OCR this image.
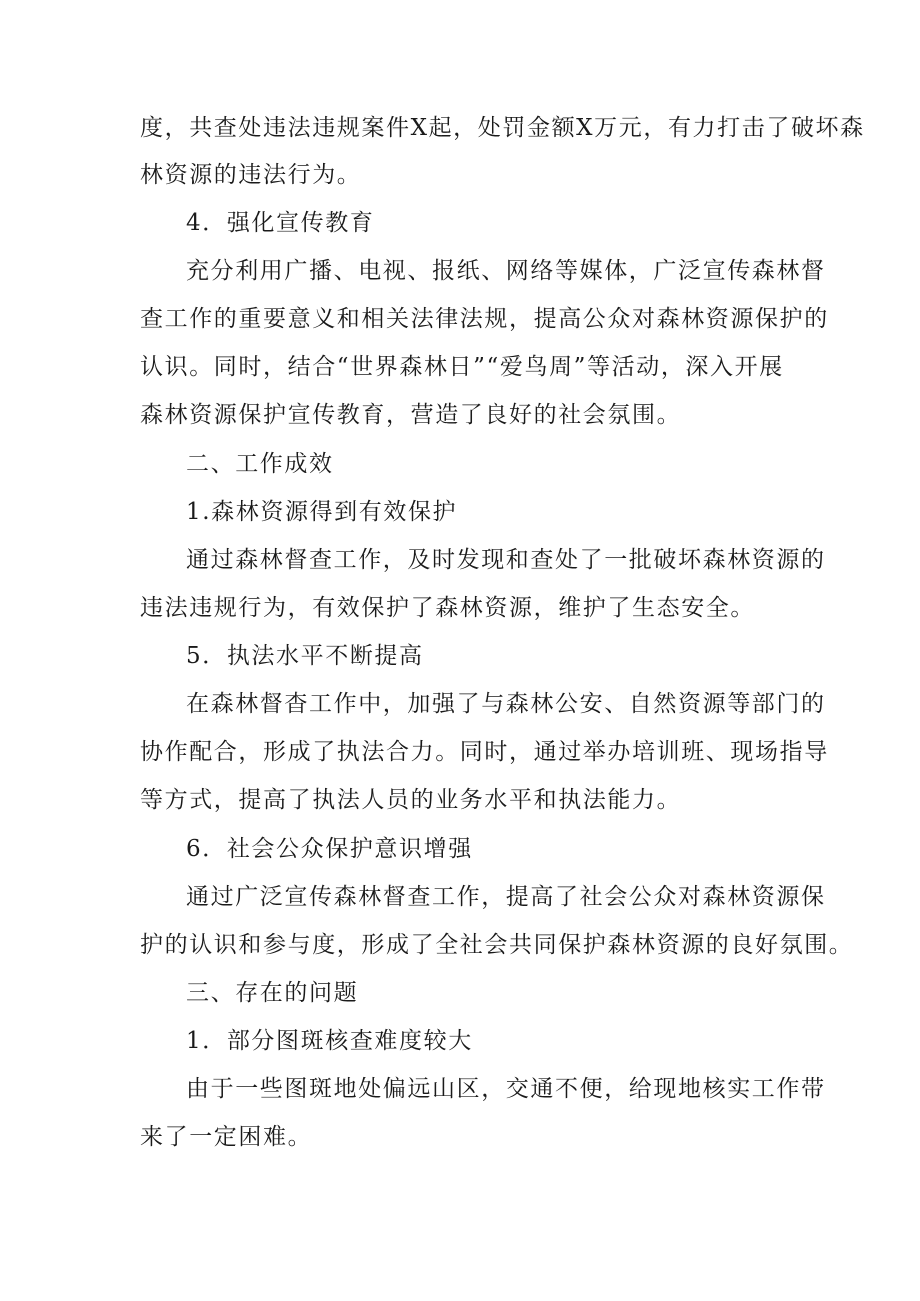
度，共查处违法违规案件X起，处罚金额X万元，有力打击了破坏森

林资源的违法行为。

4．强化宣传教育

充分利用广播、电视、报纸、网络等媒体，广泛宣传森林督

查工作的重要意义和相关法律法规，提高公众对森林资源保护的

认识。同时，结合“世界森林日”“爱鸟周”等活动，深入开展

森林资源保护宣传教育，营造了良好的社会氛围。

二、工作成效

1.森林资源得到有效保护

通过森林督查工作，及时发现和查处了一批破坏森林资源的

违法违规行为，有效保护了森林资源，维护了生态安全。

5．执法水平不断提高

在森林督杳工作中，加强了与森林公安、自然资源等部门的

协作配合，形成了执法合力。同时，通过举办培训班、现场指导

等方式，提高了执法人员的业务水平和执法能力。

6．社会公众保护意识增强

通过广泛宣传森林督查工作，提高了社会公众对森林资源保

护的认识和参与度，形成了全社会共同保护森林资源的良好氛围。

三、存在的问题

1．部分图斑核查难度较大

由于一些图斑地处偏远山区，交通不便，给现地核实工作带

来了一定困难。
